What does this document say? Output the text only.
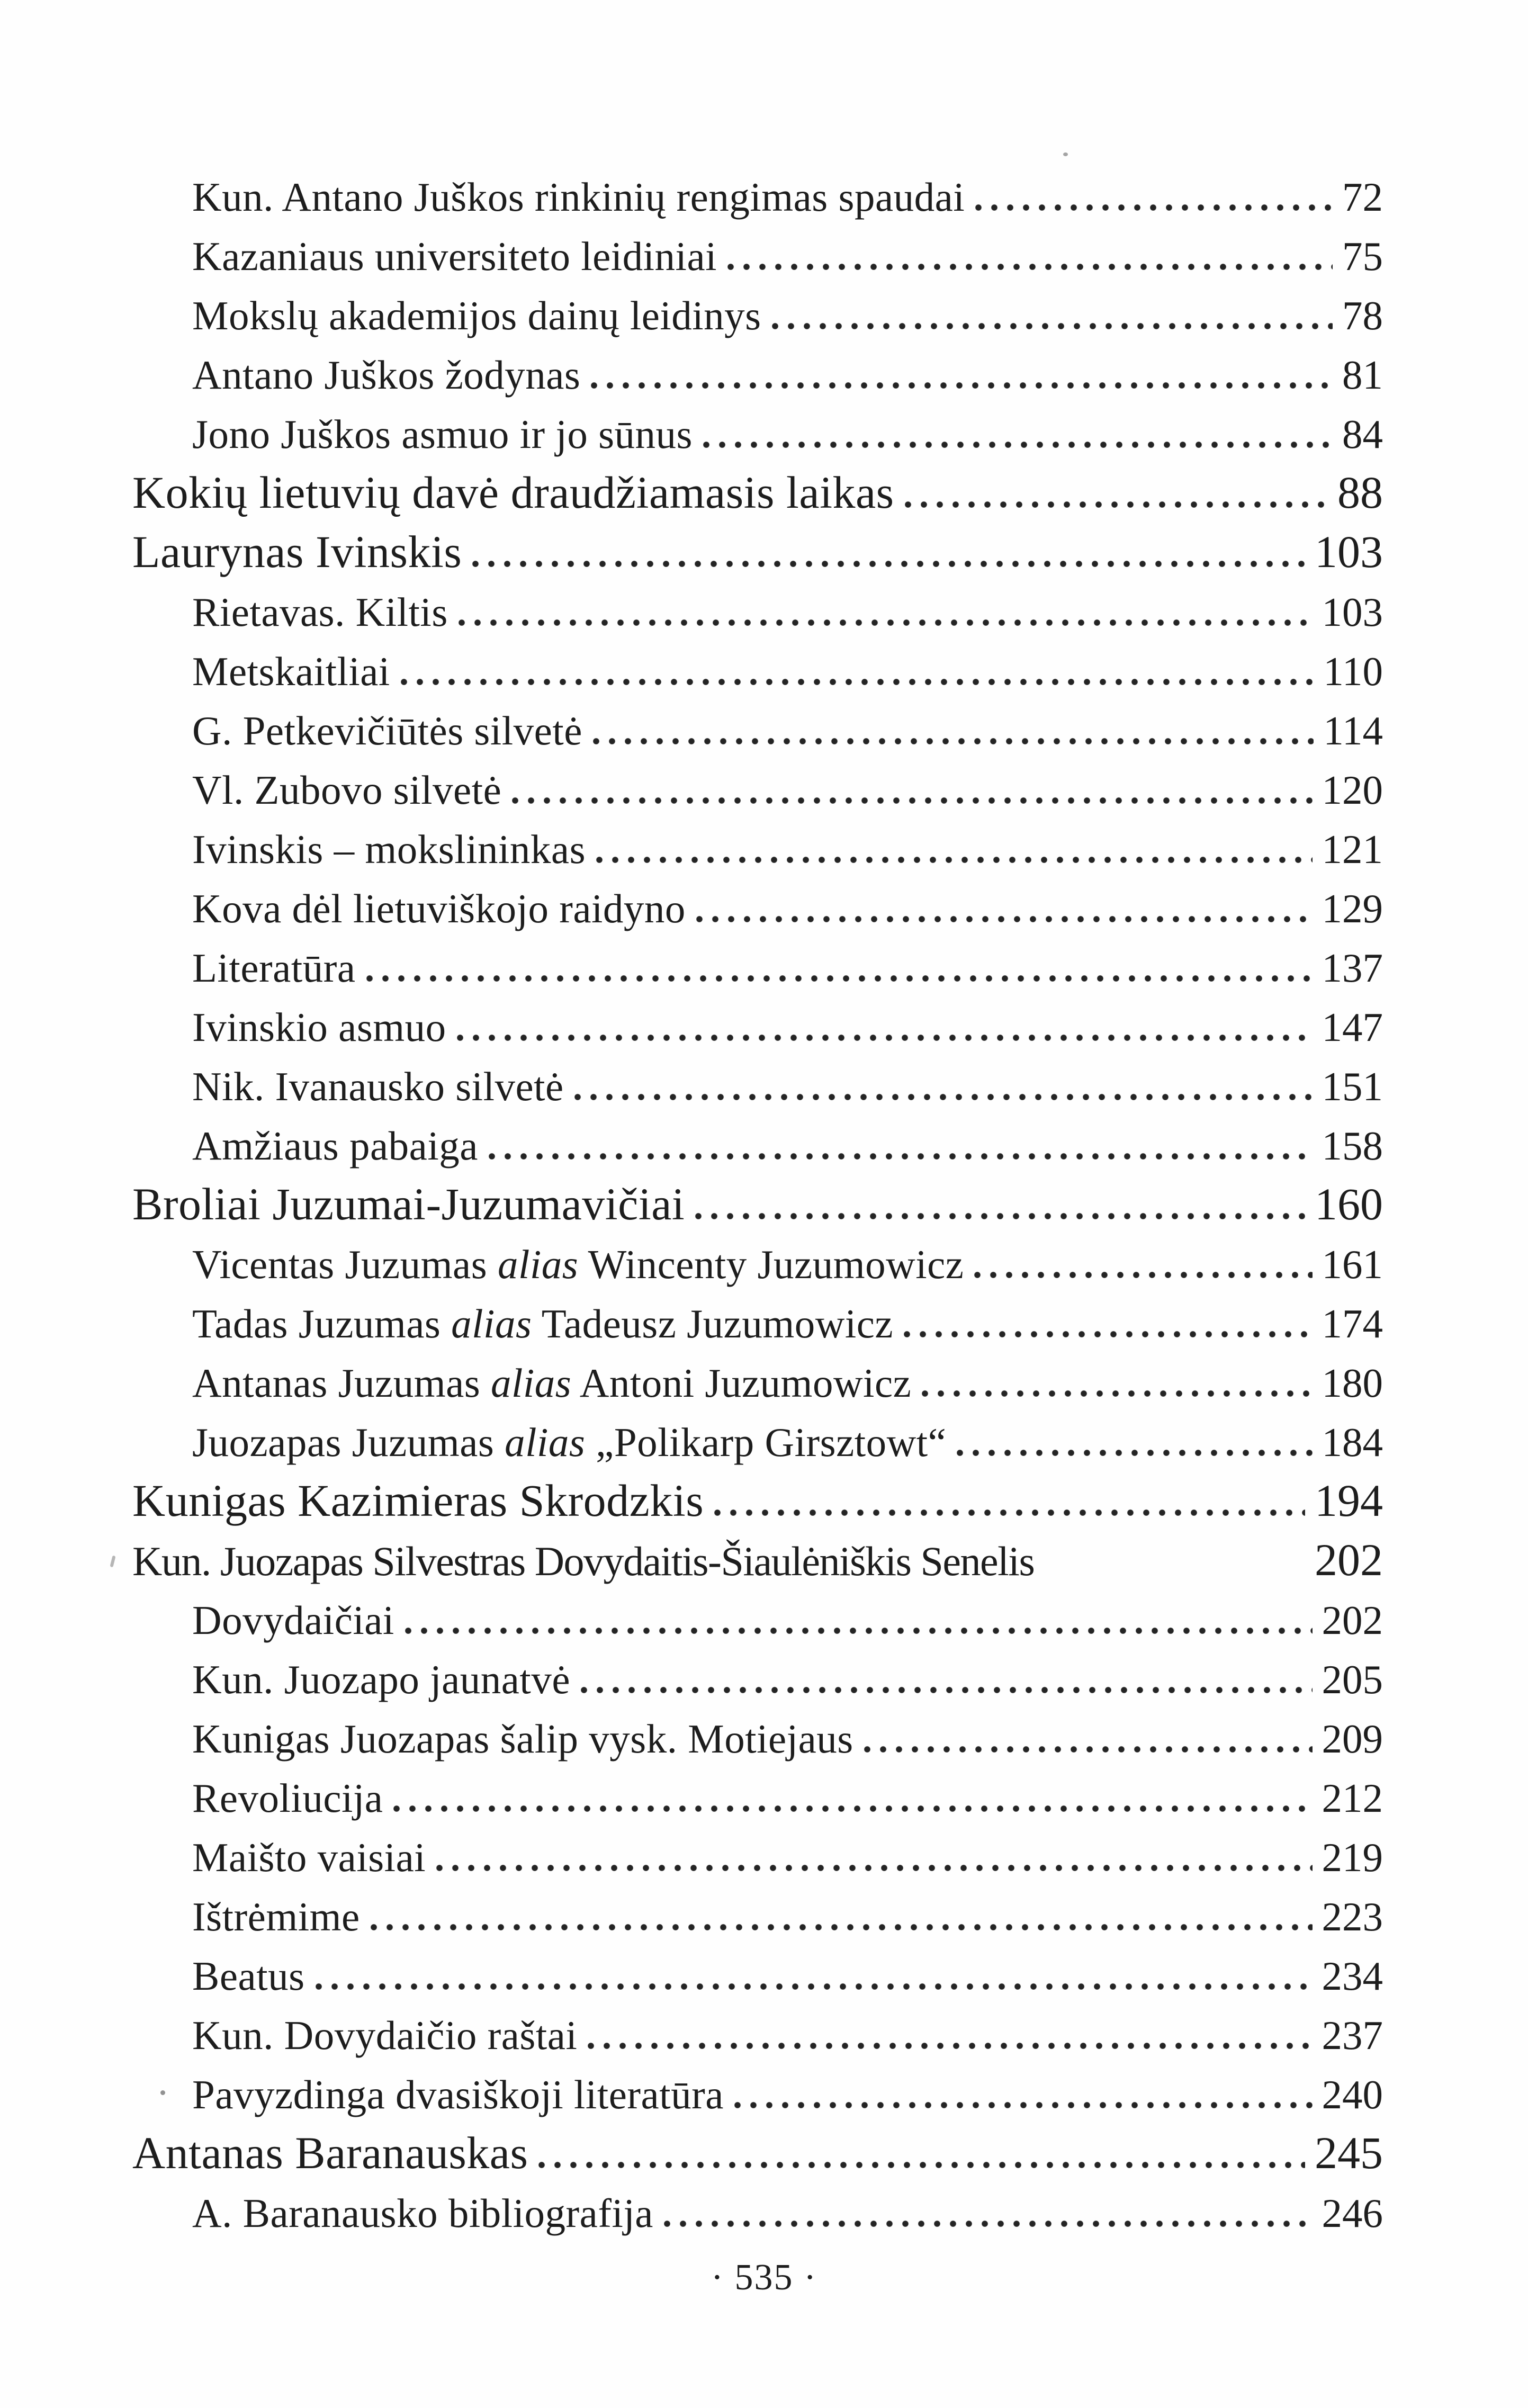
Kun. Antano Juškos rinkinių rengimas spaudai	72
Kazaniaus universiteto leidiniai	75
Mokslų akademijos dainų leidinys	78
Antano Juškos žodynas	81
Jono Juškos asmuo ir jo sūnus	84
Kokių lietuvių davė draudžiamasis laikas	88
Laurynas Ivinskis	103
Rietavas. Kiltis	103
Metskaitliai	110
G. Petkevičiūtės silvetė	114
Vl. Zubovo silvetė	120
Ivinskis – mokslininkas	121
Kova dėl lietuviškojo raidyno	129
Literatūra	137
Ivinskio asmuo	147
Nik. Ivanausko silvetė	151
Amžiaus pabaiga	158
Broliai Juzumai-Juzumavičiai	160
Vicentas Juzumas alias Wincenty Juzumowicz	161
Tadas Juzumas alias Tadeusz Juzumowicz	174
Antanas Juzumas alias Antoni Juzumowicz	180
Juozapas Juzumas alias „Polikarp Girsztowt“	184
Kunigas Kazimieras Skrodzkis	194
Kun. Juozapas Silvestras Dovydaitis-Šiaulėniškis Senelis	202
Dovydaičiai	202
Kun. Juozapo jaunatvė	205
Kunigas Juozapas šalip vysk. Motiejaus	209
Revoliucija	212
Maišto vaisiai	219
Ištrėmime	223
Beatus	234
Kun. Dovydaičio raštai	237
Pavyzdinga dvasiškoji literatūra	240
Antanas Baranauskas	245
A. Baranausko bibliografija	246
· 535 ·
